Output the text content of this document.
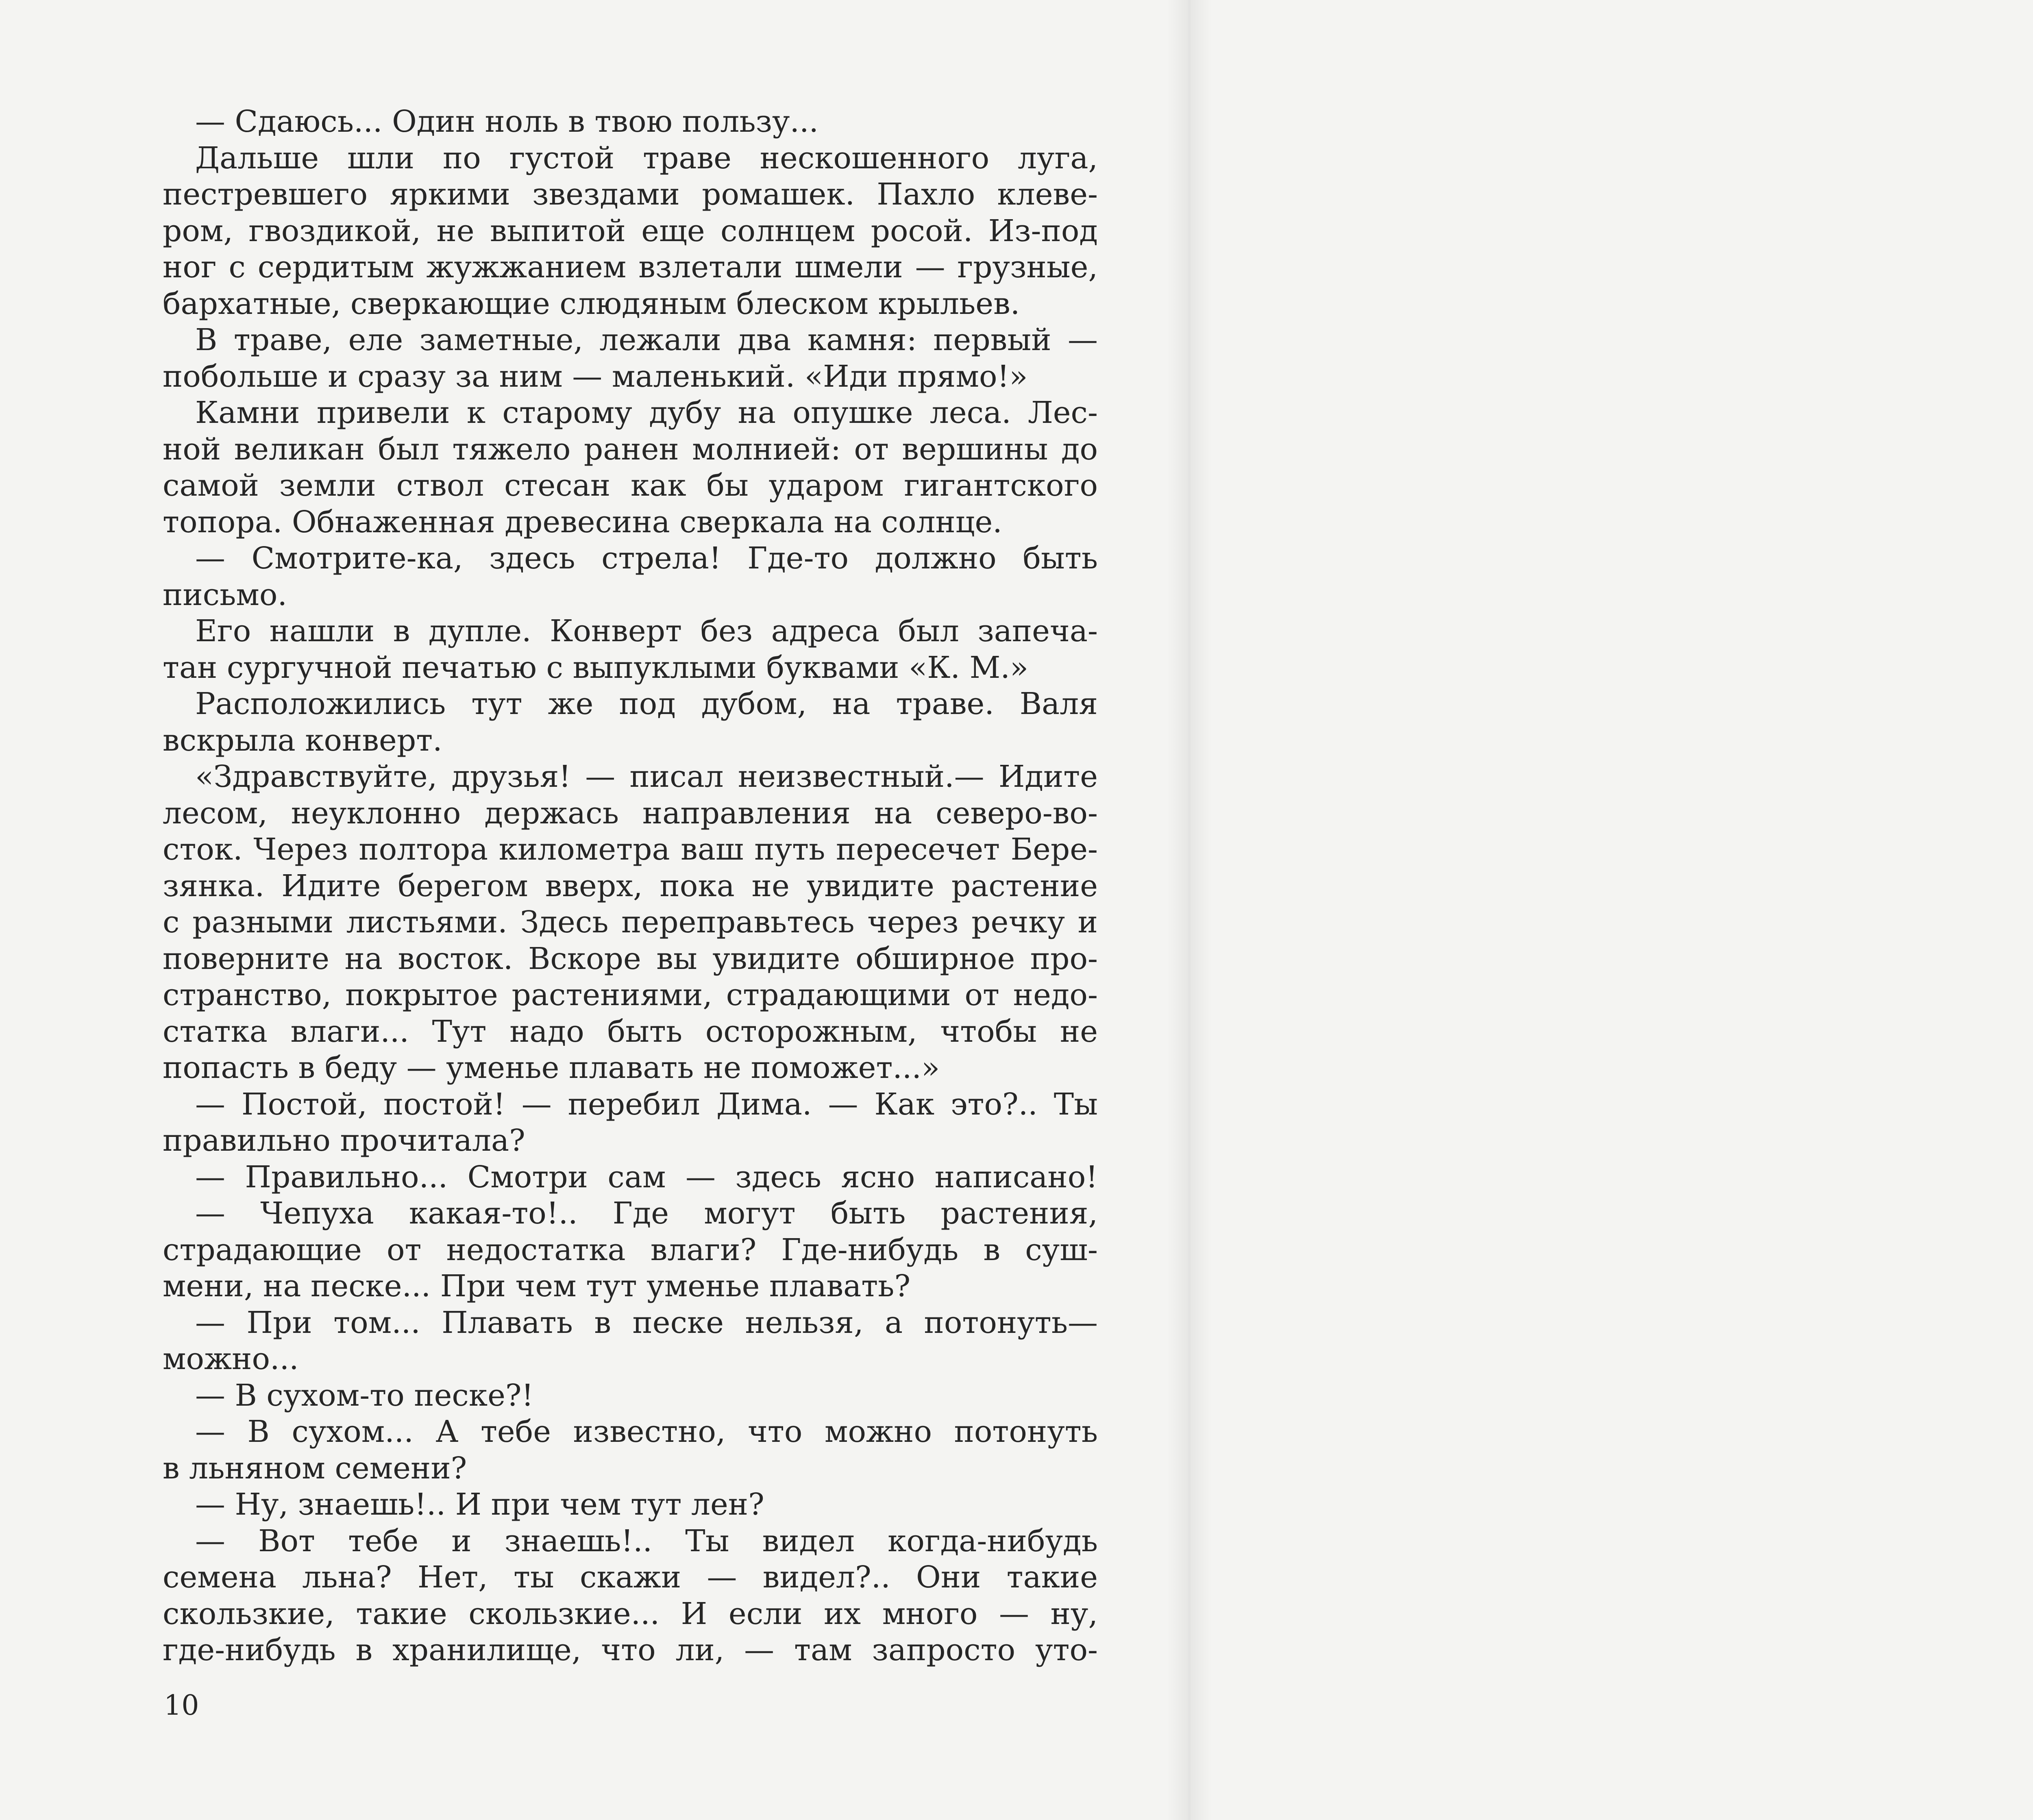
— Сдаюсь... Один ноль в твою пользу...
Дальше шли по густой траве нескошенного луга,
пестревшего яркими звездами ромашек. Пахло клеве-
ром, гвоздикой, не выпитой еще солнцем росой. Из-под
ног с сердитым жужжанием взлетали шмели — грузные,
бархатные, сверкающие слюдяным блеском крыльев.
В траве, еле заметные, лежали два камня: первый —
побольше и сразу за ним — маленький. «Иди прямо!»
Камни привели к старому дубу на опушке леса. Лес-
ной великан был тяжело ранен молнией: от вершины до
самой земли ствол стесан как бы ударом гигантского
топора. Обнаженная древесина сверкала на солнце.
— Смотрите-ка, здесь стрела! Где-то должно быть
письмо.
Его нашли в дупле. Конверт без адреса был запеча-
тан сургучной печатью с выпуклыми буквами «К. М.»
Расположились тут же под дубом, на траве. Валя
вскрыла конверт.
«Здравствуйте, друзья! — писал неизвестный.— Идите
лесом, неуклонно держась направления на северо-во-
сток. Через полтора километра ваш путь пересечет Бере-
зянка. Идите берегом вверх, пока не увидите растение
с разными листьями. Здесь переправьтесь через речку и
поверните на восток. Вскоре вы увидите обширное про-
странство, покрытое растениями, страдающими от недо-
статка влаги... Тут надо быть осторожным, чтобы не
попасть в беду — уменье плавать не поможет...»
— Постой, постой! — перебил Дима. — Как это?.. Ты
правильно прочитала?
— Правильно... Смотри сам — здесь ясно написано!
— Чепуха какая-то!.. Где могут быть растения,
страдающие от недостатка влаги? Где-нибудь в суш-
мени, на песке... При чем тут уменье плавать?
— При том... Плавать в песке нельзя, а потонуть—
можно...
— В сухом-то песке?!
— В сухом... А тебе известно, что можно потонуть
в льняном семени?
— Ну, знаешь!.. И при чем тут лен?
— Вот тебе и знаешь!.. Ты видел когда-нибудь
семена льна? Нет, ты скажи — видел?.. Они такие
скользкие, такие скользкие... И если их много — ну,
где-нибудь в хранилище, что ли, — там запросто уто-
10
